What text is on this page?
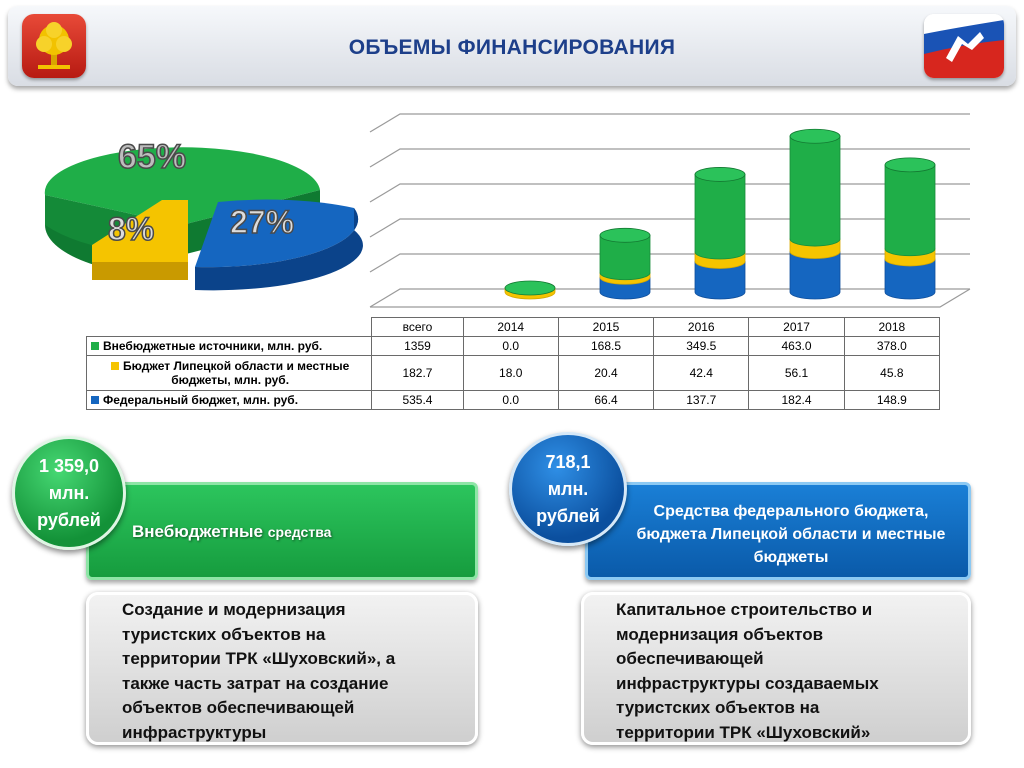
ОБЪЕМЫ ФИНАНСИРОВАНИЯ
65%
8% 27%
	всего	2014	2015	2016	2017	2018
Внебюджетные источники, млн. руб.	1359	0.0	168.5	349.5	463.0	378.0
Бюджет Липецкой области и местные бюджеты, млн. руб.	182.7	18.0	20.4	42.4	56.1	45.8
Федеральный бюджет, млн. руб.	535.4	0.0	66.4	137.7	182.4	148.9
Внебюджетные средства
1 359,0
млн.
рублей
Создание и модернизация
туристских объектов на
территории ТРК «Шуховский», а
также часть затрат на создание
объектов обеспечивающей
инфраструктуры
Средства федерального бюджета, бюджета Липецкой области и местные бюджеты
718,1
млн.
рублей
Капитальное строительство и
модернизация объектов
обеспечивающей
инфраструктуры создаваемых
туристских объектов на
территории ТРК «Шуховский»
